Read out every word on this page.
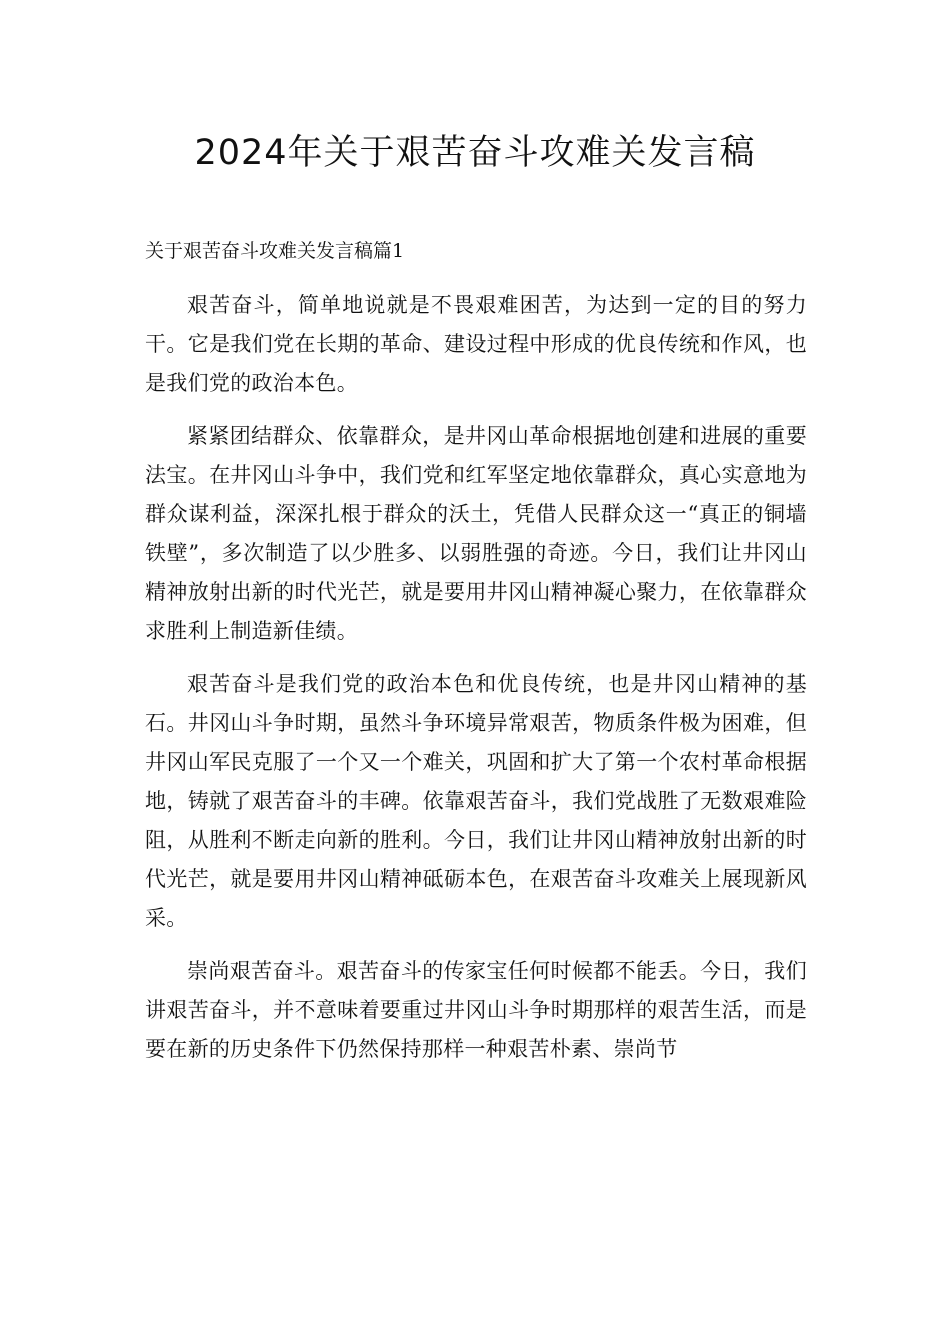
2024年关于艰苦奋斗攻难关发言稿
关于艰苦奋斗攻难关发言稿篇1

艰苦奋斗，简单地说就是不畏艰难困苦，为达到一定的目的努力干。它是我们党在长期的革命、建设过程中形成的优良传统和作风，也是我们党的政治本色。

紧紧团结群众、依靠群众，是井冈山革命根据地创建和进展的重要法宝。在井冈山斗争中，我们党和红军坚定地依靠群众，真心实意地为群众谋利益，深深扎根于群众的沃土，凭借人民群众这一“真正的铜墙铁壁”，多次制造了以少胜多、以弱胜强的奇迹。今日，我们让井冈山精神放射出新的时代光芒，就是要用井冈山精神凝心聚力，在依靠群众求胜利上制造新佳绩。

艰苦奋斗是我们党的政治本色和优良传统，也是井冈山精神的基石。井冈山斗争时期，虽然斗争环境异常艰苦，物质条件极为困难，但井冈山军民克服了一个又一个难关，巩固和扩大了第一个农村革命根据地，铸就了艰苦奋斗的丰碑。依靠艰苦奋斗，我们党战胜了无数艰难险阻，从胜利不断走向新的胜利。今日，我们让井冈山精神放射出新的时代光芒，就是要用井冈山精神砥砺本色，在艰苦奋斗攻难关上展现新风采。

崇尚艰苦奋斗。艰苦奋斗的传家宝任何时候都不能丢。今日，我们讲艰苦奋斗，并不意味着要重过井冈山斗争时期那样的艰苦生活，而是要在新的历史条件下仍然保持那样一种艰苦朴素、崇尚节
